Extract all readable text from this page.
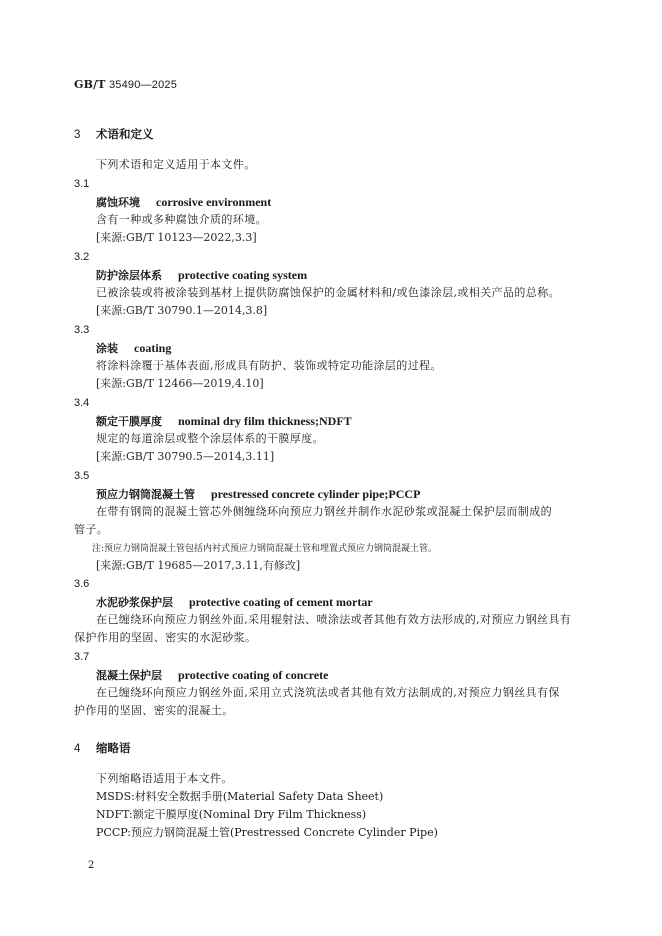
GB/T 35490—2025
3 术语和定义
下列术语和定义适用于本文件。
3.1
腐蚀环境 corrosive environment
含有一种或多种腐蚀介质的环境。
[来源:GB/T 10123—2022,3.3]
3.2
防护涂层体系 protective coating system
已被涂装或将被涂装到基材上提供防腐蚀保护的金属材料和/或色漆涂层,或相关产品的总称。
[来源:GB/T 30790.1—2014,3.8]
3.3
涂装 coating
将涂料涂覆于基体表面,形成具有防护、装饰或特定功能涂层的过程。
[来源:GB/T 12466—2019,4.10]
3.4
额定干膜厚度 nominal dry film thickness;NDFT
规定的每道涂层或整个涂层体系的干膜厚度。
[来源:GB/T 30790.5—2014,3.11]
3.5
预应力钢筒混凝土管 prestressed concrete cylinder pipe;PCCP
在带有钢筒的混凝土管芯外侧缠绕环向预应力钢丝并制作水泥砂浆或混凝土保护层而制成的
管子。
注:预应力钢筒混凝土管包括内衬式预应力钢筒混凝土管和埋置式预应力钢筒混凝土管。
[来源:GB/T 19685—2017,3.11,有修改]
3.6
水泥砂浆保护层 protective coating of cement mortar
在已缠绕环向预应力钢丝外面,采用辊射法、喷涂法或者其他有效方法形成的,对预应力钢丝具有
保护作用的坚固、密实的水泥砂浆。
3.7
混凝土保护层 protective coating of concrete
在已缠绕环向预应力钢丝外面,采用立式浇筑法或者其他有效方法制成的,对预应力钢丝具有保
护作用的坚固、密实的混凝土。
4 缩略语
下列缩略语适用于本文件。
MSDS:材料安全数据手册(Material Safety Data Sheet)
NDFT:额定干膜厚度(Nominal Dry Film Thickness)
PCCP:预应力钢筒混凝土管(Prestressed Concrete Cylinder Pipe)
2
